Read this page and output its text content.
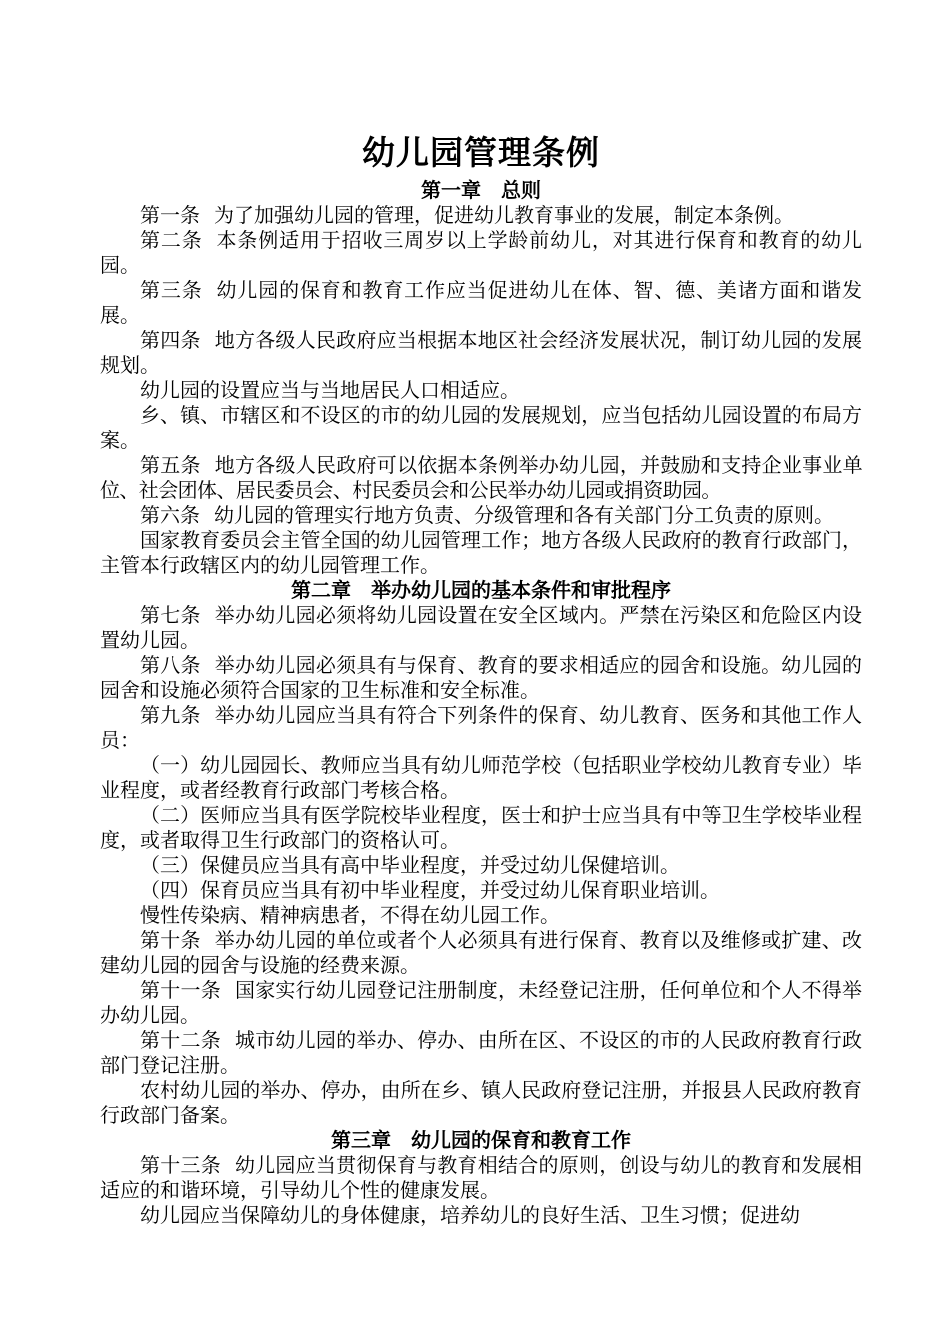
幼儿园管理条例
第一章　总则

第一条 为了加强幼儿园的管理，促进幼儿教育事业的发展，制定本条例。

第二条 本条例适用于招收三周岁以上学龄前幼儿，对其进行保育和教育的幼儿园。

第三条 幼儿园的保育和教育工作应当促进幼儿在体、智、德、美诸方面和谐发展。

第四条 地方各级人民政府应当根据本地区社会经济发展状况，制订幼儿园的发展规划。

幼儿园的设置应当与当地居民人口相适应。

乡、镇、市辖区和不设区的市的幼儿园的发展规划，应当包括幼儿园设置的布局方案。

第五条 地方各级人民政府可以依据本条例举办幼儿园，并鼓励和支持企业事业单位、社会团体、居民委员会、村民委员会和公民举办幼儿园或捐资助园。

第六条 幼儿园的管理实行地方负责、分级管理和各有关部门分工负责的原则。

国家教育委员会主管全国的幼儿园管理工作；地方各级人民政府的教育行政部门，主管本行政辖区内的幼儿园管理工作。

第二章　举办幼儿园的基本条件和审批程序

第七条 举办幼儿园必须将幼儿园设置在安全区域内。严禁在污染区和危险区内设置幼儿园。

第八条 举办幼儿园必须具有与保育、教育的要求相适应的园舍和设施。幼儿园的园舍和设施必须符合国家的卫生标准和安全标准。

第九条 举办幼儿园应当具有符合下列条件的保育、幼儿教育、医务和其他工作人员：

（一）幼儿园园长、教师应当具有幼儿师范学校（包括职业学校幼儿教育专业）毕业程度，或者经教育行政部门考核合格。

（二）医师应当具有医学院校毕业程度，医士和护士应当具有中等卫生学校毕业程度，或者取得卫生行政部门的资格认可。

（三）保健员应当具有高中毕业程度，并受过幼儿保健培训。

（四）保育员应当具有初中毕业程度，并受过幼儿保育职业培训。

慢性传染病、精神病患者，不得在幼儿园工作。

第十条 举办幼儿园的单位或者个人必须具有进行保育、教育以及维修或扩建、改建幼儿园的园舍与设施的经费来源。

第十一条 国家实行幼儿园登记注册制度，未经登记注册，任何单位和个人不得举办幼儿园。

第十二条 城市幼儿园的举办、停办、由所在区、不设区的市的人民政府教育行政部门登记注册。

农村幼儿园的举办、停办，由所在乡、镇人民政府登记注册，并报县人民政府教育行政部门备案。

第三章　幼儿园的保育和教育工作

第十三条 幼儿园应当贯彻保育与教育相结合的原则，创设与幼儿的教育和发展相适应的和谐环境，引导幼儿个性的健康发展。

幼儿园应当保障幼儿的身体健康，培养幼儿的良好生活、卫生习惯；促进幼
